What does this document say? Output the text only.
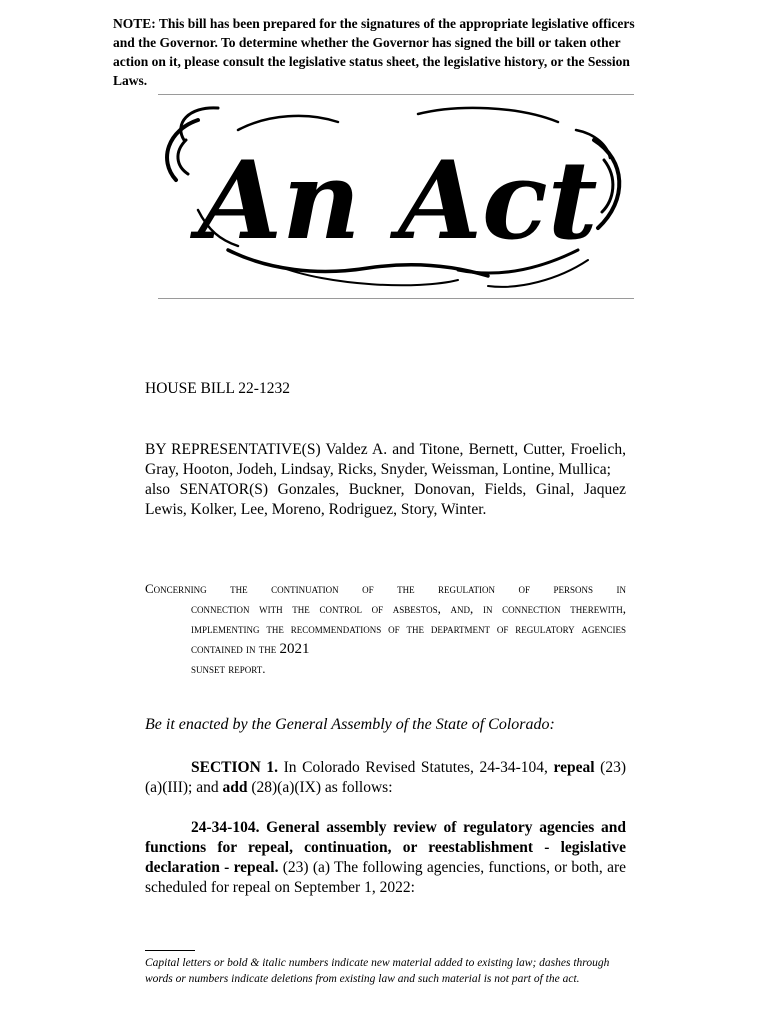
NOTE: This bill has been prepared for the signatures of the appropriate legislative officers and the Governor. To determine whether the Governor has signed the bill or taken other action on it, please consult the legislative status sheet, the legislative history, or the Session Laws.
An Act
HOUSE BILL 22-1232

BY REPRESENTATIVE(S) Valdez A. and Titone, Bernett, Cutter, Froelich, Gray, Hooton, Jodeh, Lindsay, Ricks, Snyder, Weissman, Lontine, Mullica;

also SENATOR(S) Gonzales, Buckner, Donovan, Fields, Ginal, Jaquez Lewis, Kolker, Lee, Moreno, Rodriguez, Story, Winter.

Concerning the continuation of the regulation of persons in
connection with the control of asbestos, and, in connection therewith, implementing the recommendations of the department of regulatory agencies contained in the 2021
sunset report.
Be it enacted by the General Assembly of the State of Colorado:

SECTION 1. In Colorado Revised Statutes, 24-34-104, repeal (23)(a)(III); and add (28)(a)(IX) as follows:

24-34-104. General assembly review of regulatory agencies and functions for repeal, continuation, or reestablishment - legislative declaration - repeal. (23) (a) The following agencies, functions, or both, are scheduled for repeal on September 1, 2022:

Capital letters or bold & italic numbers indicate new material added to existing law; dashes through words or numbers indicate deletions from existing law and such material is not part of the act.
